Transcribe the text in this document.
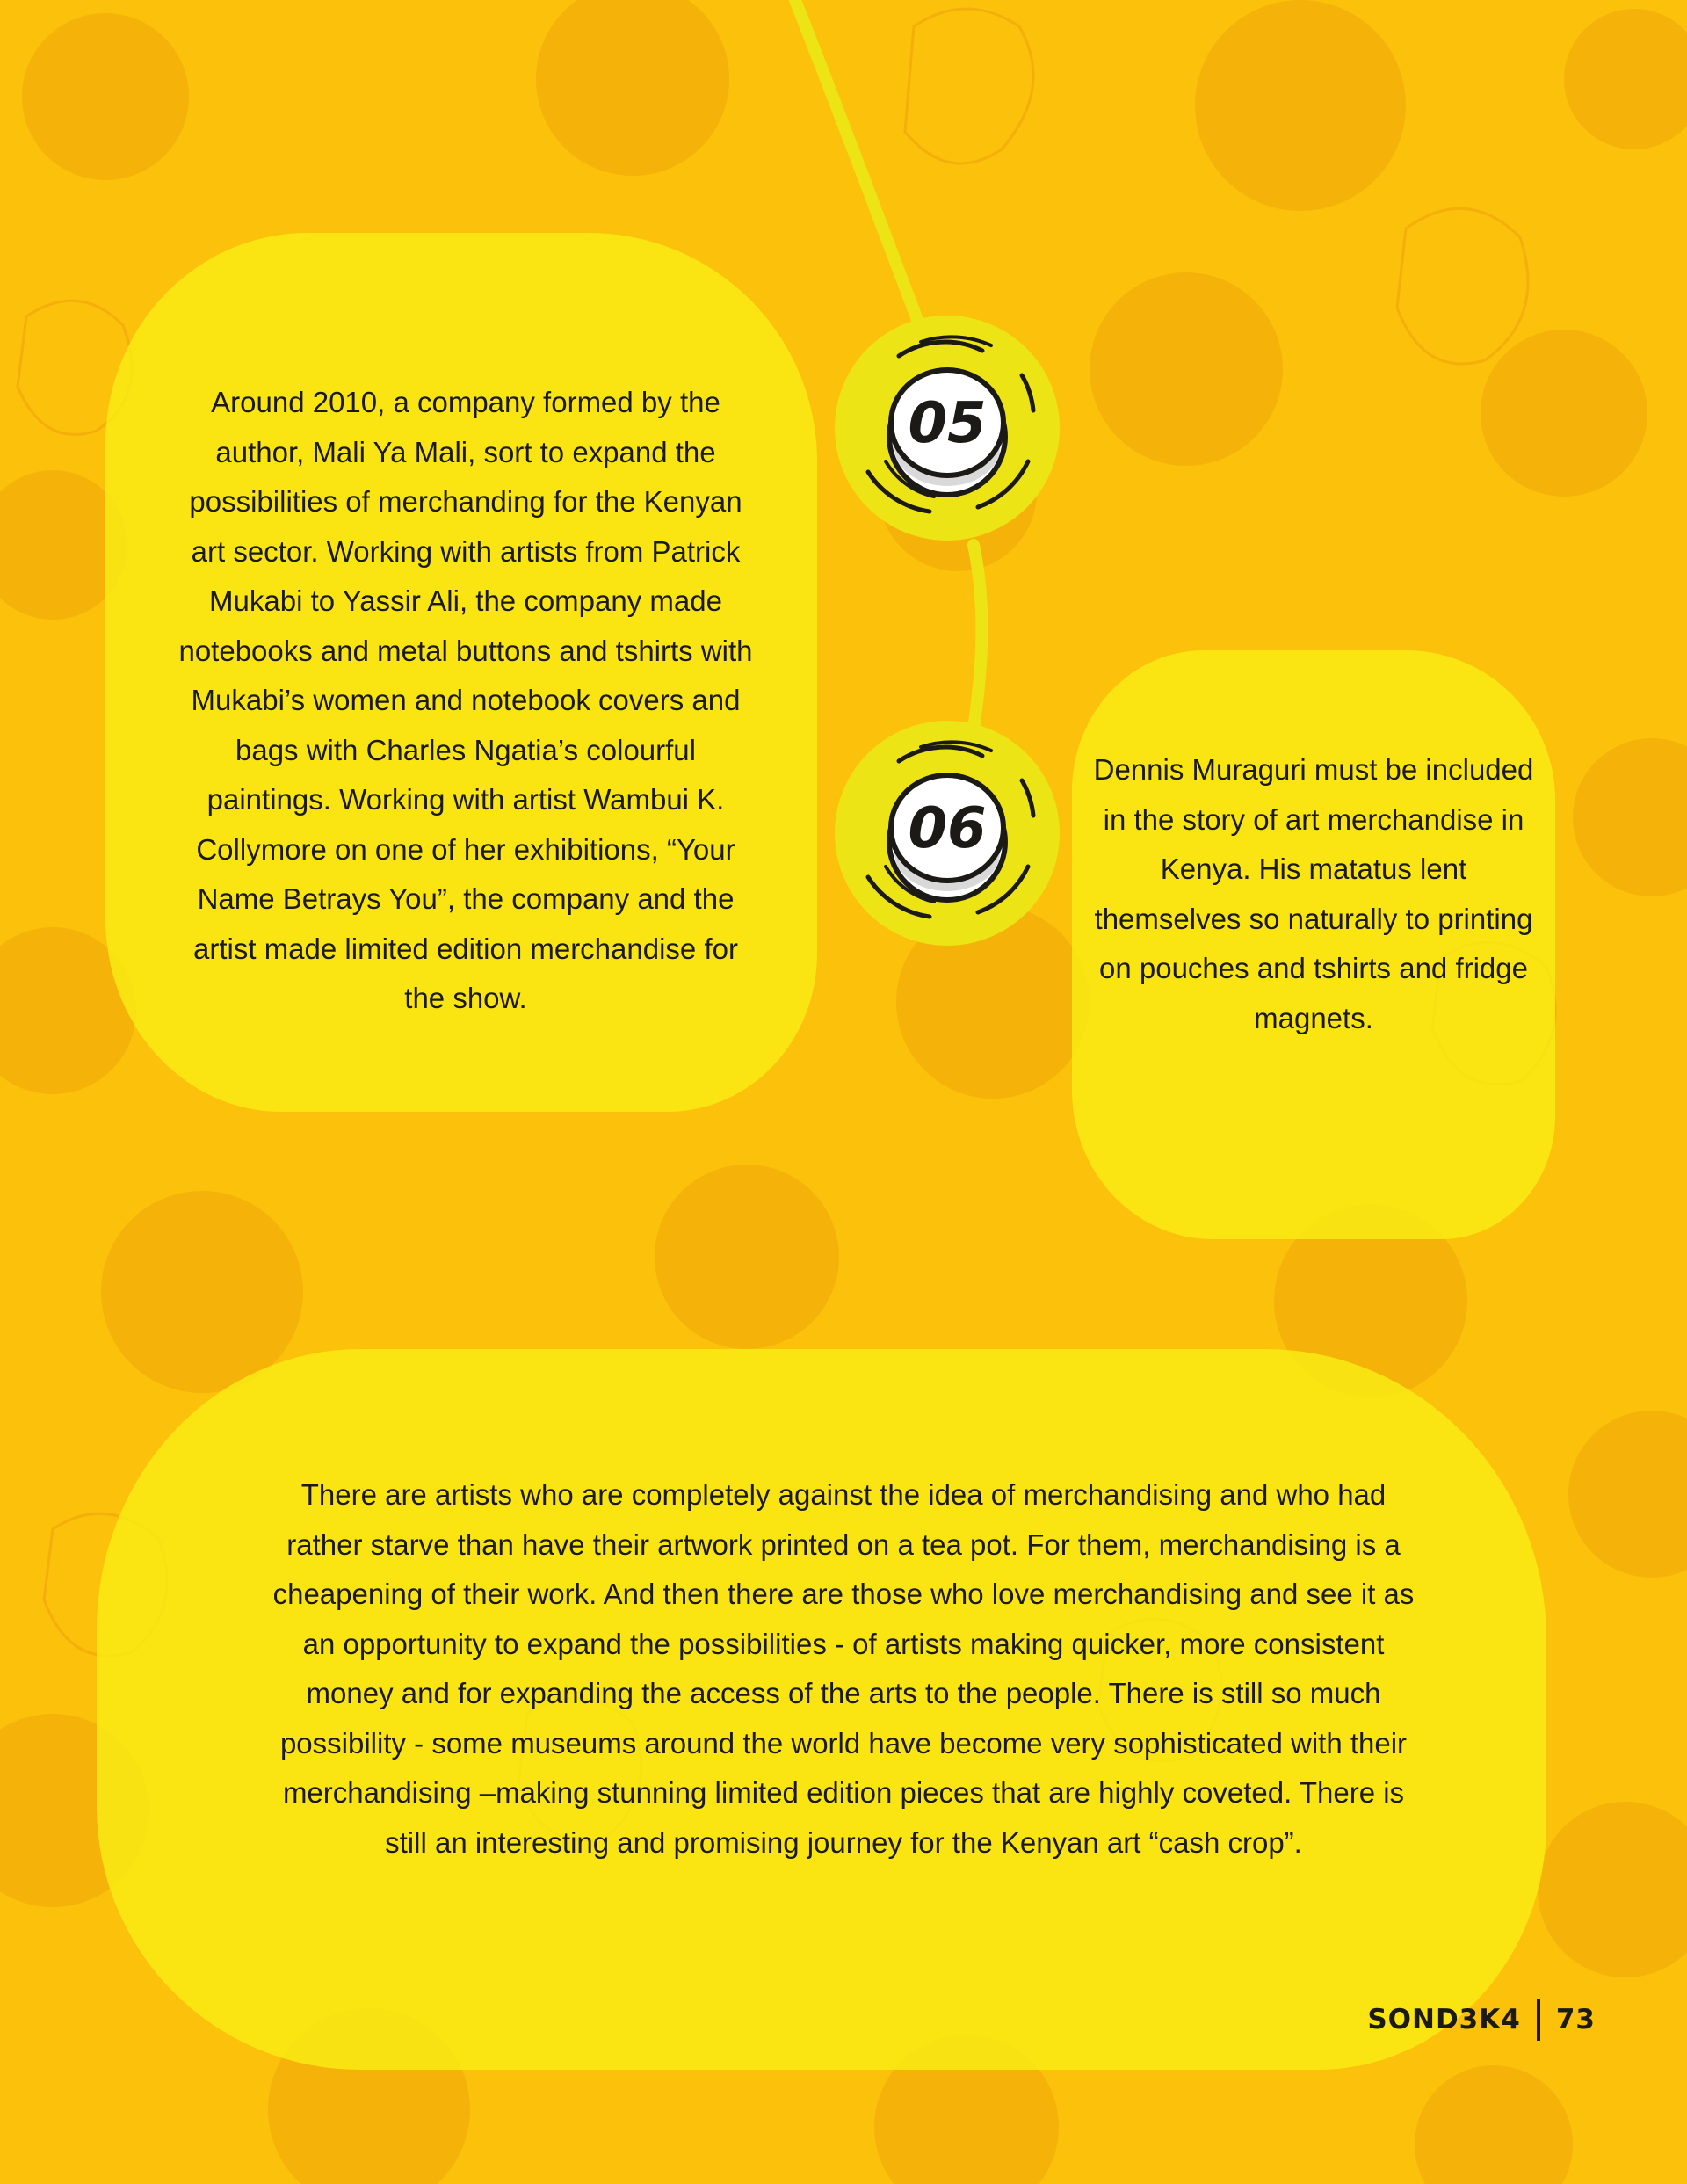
05
06

Around 2010, a company formed by the author, Mali Ya Mali, sort to expand the possibilities of merchanding for the Kenyan art sector. Working with artists from Patrick Mukabi to Yassir Ali, the company made notebooks and metal buttons and tshirts with Mukabi’s women and notebook covers and bags with Charles Ngatia’s colourful paintings. Working with artist Wambui K. Collymore on one of her exhibitions, “Your Name Betrays You”, the company and the artist made limited edition merchandise for the show.

Dennis Muraguri must be included in the story of art merchandise in Kenya. His matatus lent themselves so naturally to printing on pouches and tshirts and fridge magnets.

There are artists who are completely against the idea of merchandising and who had rather starve than have their artwork printed on a tea pot. For them, merchandising is a cheapening of their work. And then there are those who love merchandising and see it as an opportunity to expand the possibilities - of artists making quicker, more consistent money and for expanding the access of the arts to the people. There is still so much possibility - some museums around the world have become very sophisticated with their merchandising –making stunning limited edition pieces that are highly coveted. There is still an interesting and promising journey for the Kenyan art “cash crop”.

SOND3K4 73
